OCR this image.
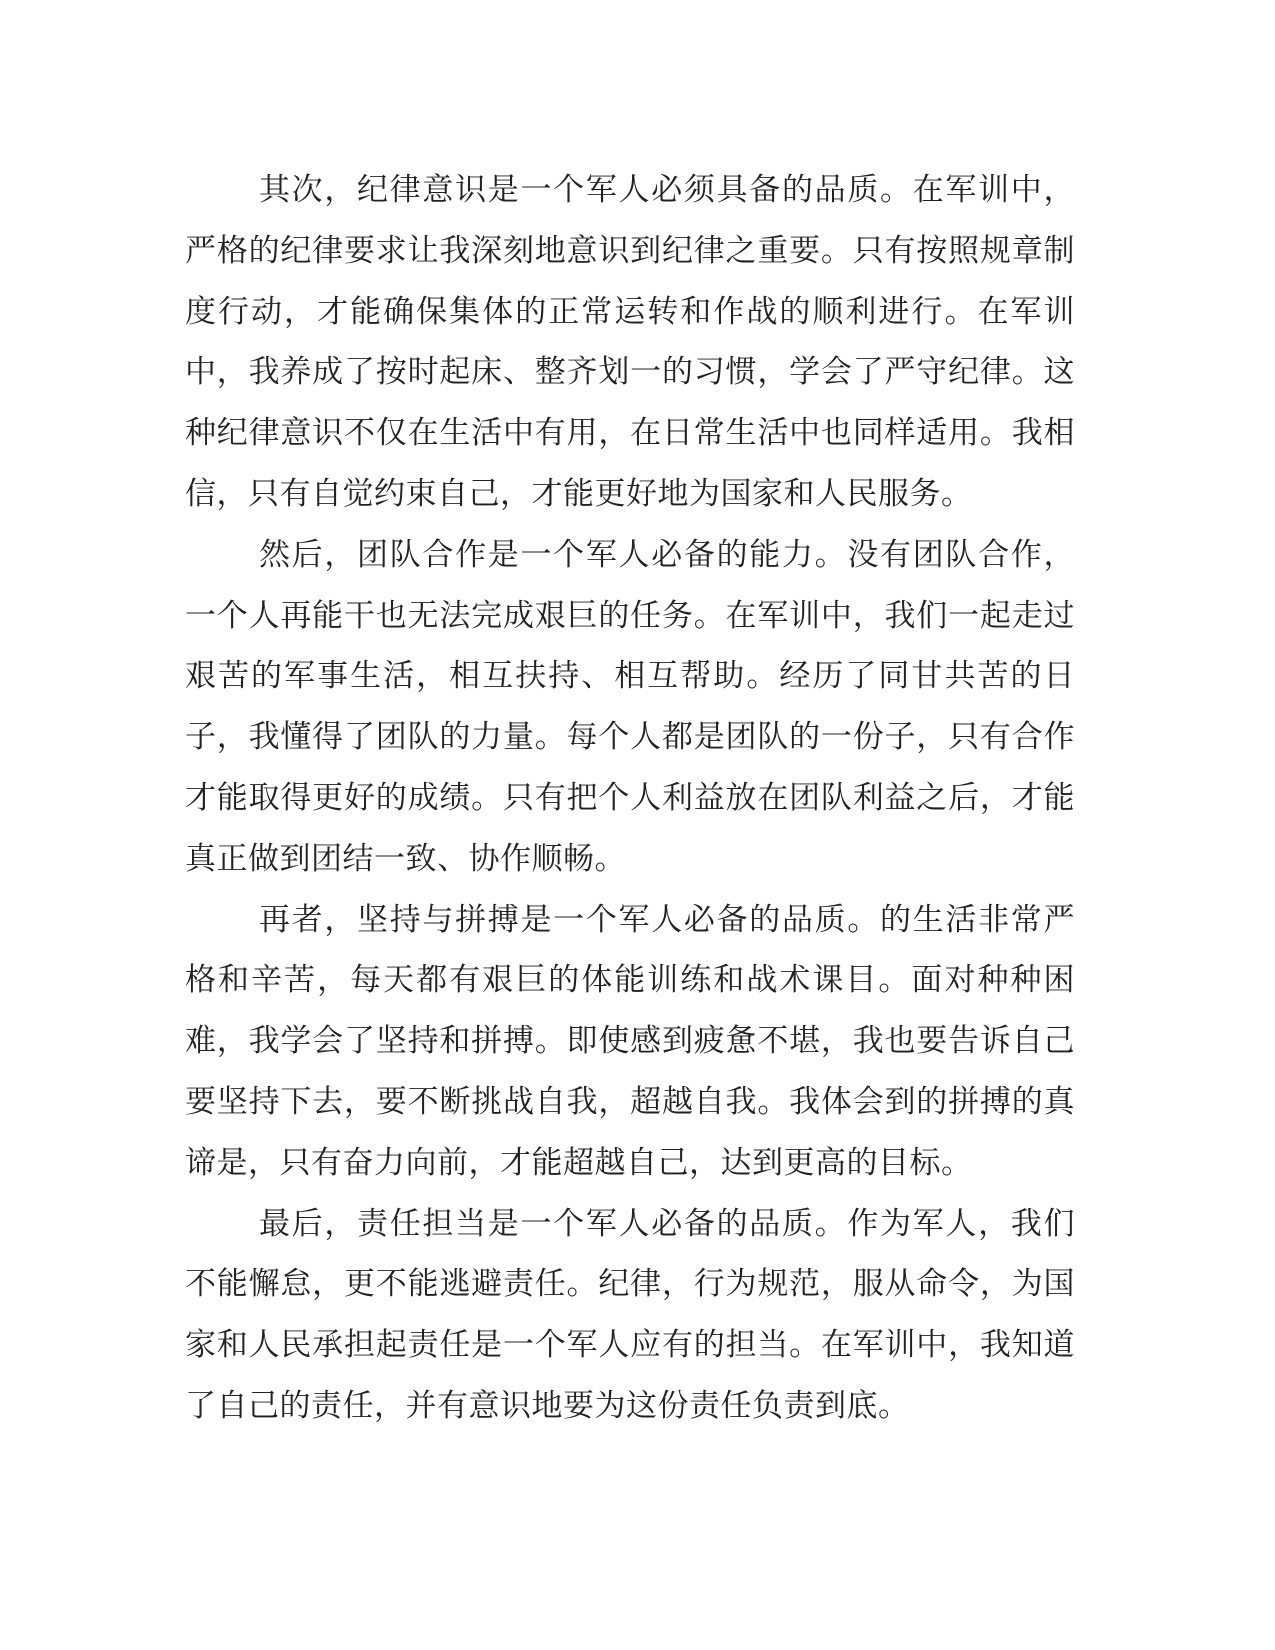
其次，纪律意识是一个军人必须具备的品质。在军训中，严格的纪律要求让我深刻地意识到纪律之重要。只有按照规章制度行动，才能确保集体的正常运转和作战的顺利进行。在军训中，我养成了按时起床、整齐划一的习惯，学会了严守纪律。这种纪律意识不仅在生活中有用，在日常生活中也同样适用。我相信，只有自觉约束自己，才能更好地为国家和人民服务。

然后，团队合作是一个军人必备的能力。没有团队合作，一个人再能干也无法完成艰巨的任务。在军训中，我们一起走过艰苦的军事生活，相互扶持、相互帮助。经历了同甘共苦的日子，我懂得了团队的力量。每个人都是团队的一份子，只有合作才能取得更好的成绩。只有把个人利益放在团队利益之后，才能真正做到团结一致、协作顺畅。

再者，坚持与拼搏是一个军人必备的品质。的生活非常严格和辛苦，每天都有艰巨的体能训练和战术课目。面对种种困难，我学会了坚持和拼搏。即使感到疲惫不堪，我也要告诉自己要坚持下去，要不断挑战自我，超越自我。我体会到的拼搏的真谛是，只有奋力向前，才能超越自己，达到更高的目标。

最后，责任担当是一个军人必备的品质。作为军人，我们不能懈怠，更不能逃避责任。纪律，行为规范，服从命令，为国家和人民承担起责任是一个军人应有的担当。在军训中，我知道了自己的责任，并有意识地要为这份责任负责到底。
